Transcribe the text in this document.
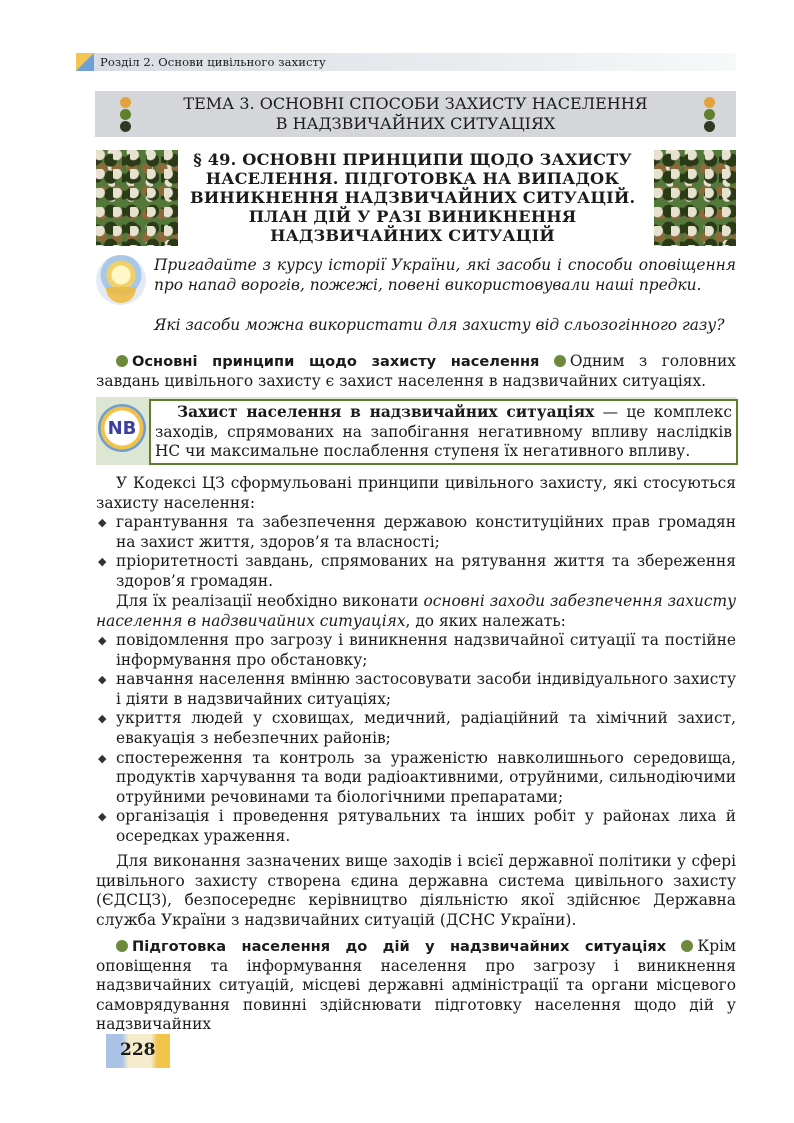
Розділ 2. Основи цивільного захисту
ТЕМА 3. ОСНОВНІ СПОСОБИ ЗАХИСТУ НАСЕЛЕННЯ
В НАДЗВИЧАЙНИХ СИТУАЦІЯХ
§ 49. ОСНОВНІ ПРИНЦИПИ ЩОДО ЗАХИСТУ
НАСЕЛЕННЯ. ПІДГОТОВКА НА ВИПАДОК
ВИНИКНЕННЯ НАДЗВИЧАЙНИХ СИТУАЦІЙ.
ПЛАН ДІЙ У РАЗІ ВИНИКНЕННЯ
НАДЗВИЧАЙНИХ СИТУАЦІЙ
Пригадайте з курсу історії України, які засоби і способи оповіщення про напад ворогів, пожежі, повені використовували наші предки.
Які засоби можна використати для захисту від сльозогінного газу?
Основні принципи щодо захисту населення Одним з головних завдань цивільного захисту є захист населення в надзвичайних ситуаціях.
NB
Захист населення в надзвичайних ситуаціях — це комплекс заходів, спрямованих на запобігання негативному впливу наслідків НС чи максимальне послаблення ступеня їх негативного впливу.
У Кодексі ЦЗ сформульовані принципи цивільного захисту, які стосуються захисту населення:
◆ гарантування та забезпечення державою конституційних прав громадян на захист життя, здоров’я та власності;
◆ пріоритетності завдань, спрямованих на рятування життя та збереження здоров’я громадян.
Для їх реалізації необхідно виконати основні заходи забезпечення захисту населення в надзвичайних ситуаціях, до яких належать:
◆ повідомлення про загрозу і виникнення надзвичайної ситуації та постійне інформування про обстановку;
◆ навчання населення вмінню застосовувати засоби індивідуального захисту і діяти в надзвичайних ситуаціях;
◆ укриття людей у сховищах, медичний, радіаційний та хімічний захист, евакуація з небезпечних районів;
◆ спостереження та контроль за ураженістю навколишнього середовища, продуктів харчування та води радіоактивними, отруйними, сильнодіючими отруйними речовинами та біологічними препаратами;
◆ організація і проведення рятувальних та інших робіт у районах лиха й осередках ураження.
Для виконання зазначених вище заходів і всієї державної політики у сфері цивільного захисту створена єдина державна система цивільного захисту (ЄДСЦЗ), безпосереднє керівництво діяльністю якої здійснює Державна служба України з надзвичайних ситуацій (ДСНС України).
Підготовка населення до дій у надзвичайних ситуаціях Крім оповіщення та інформування населення про загрозу і виникнення надзвичайних ситуацій, місцеві державні адміністрації та органи місцевого самоврядування повинні здійснювати підготовку населення щодо дій у надзвичайних
228
